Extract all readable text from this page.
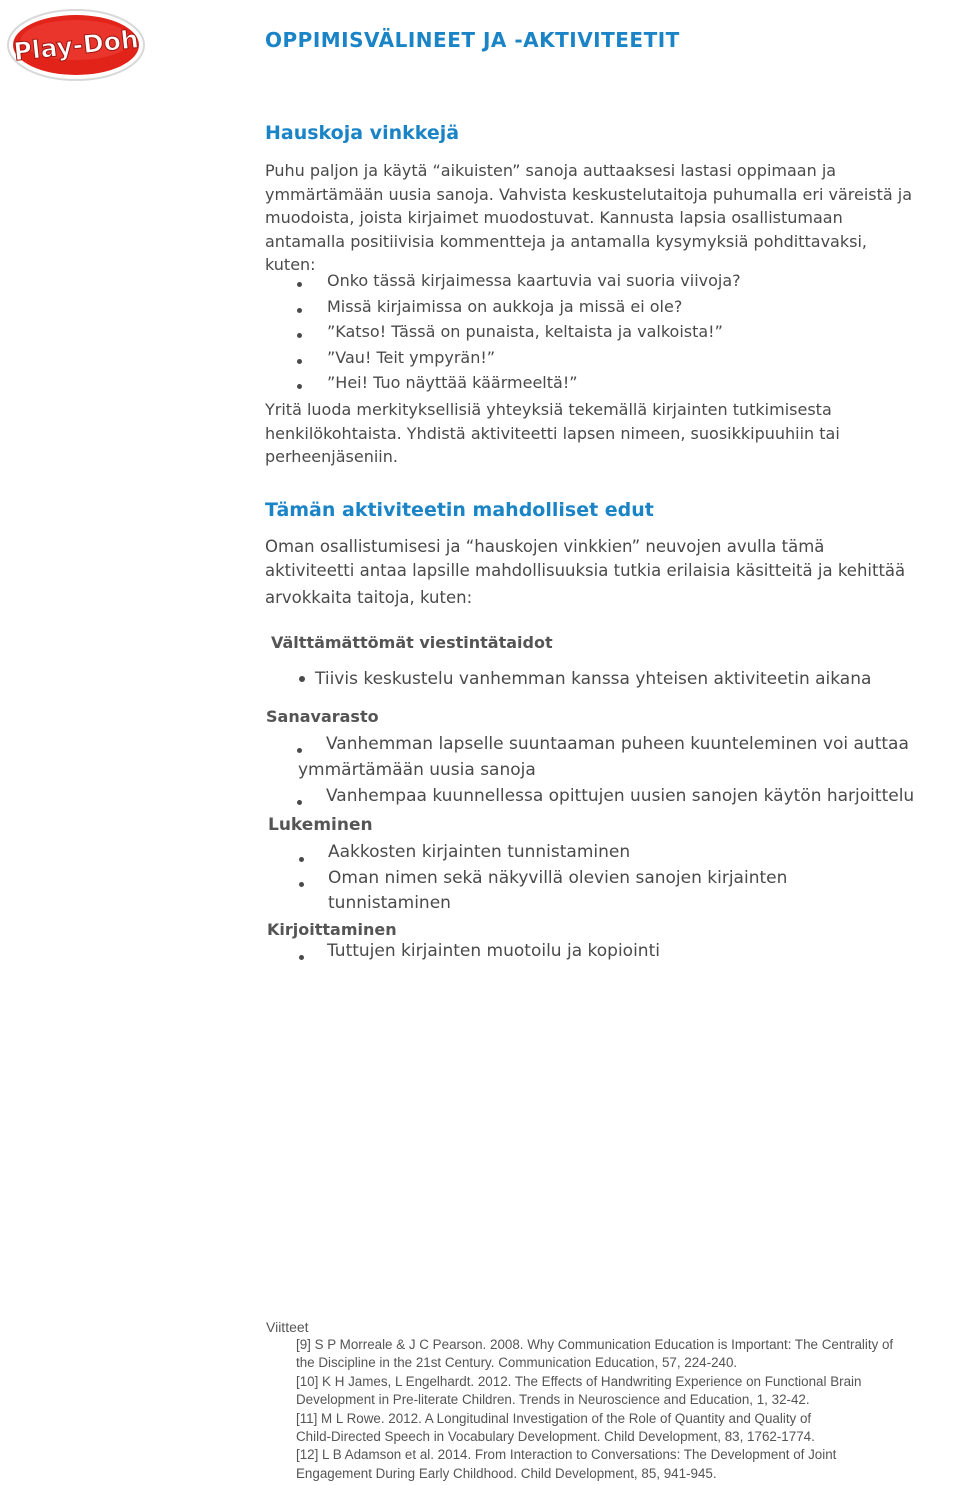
Play-Doh	OPPIMISVÄLINEET JA -AKTIVITEETIT
Hauskoja vinkkejä
Puhu paljon ja käytä “aikuisten” sanoja auttaaksesi lastasi oppimaan ja
ymmärtämään uusia sanoja. Vahvista keskustelutaitoja puhumalla eri väreistä ja
muodoista, joista kirjaimet muodostuvat. Kannusta lapsia osallistumaan
antamalla positiivisia kommentteja ja antamalla kysymyksiä pohdittavaksi,
kuten:
Onko tässä kirjaimessa kaartuvia vai suoria viivoja?
Missä kirjaimissa on aukkoja ja missä ei ole?
”Katso! Tässä on punaista, keltaista ja valkoista!”
”Vau! Teit ympyrän!”
”Hei! Tuo näyttää käärmeeltä!”
Yritä luoda merkityksellisiä yhteyksiä tekemällä kirjainten tutkimisesta
henkilökohtaista. Yhdistä aktiviteetti lapsen nimeen, suosikkipuuhiin tai
perheenjäseniin.
Tämän aktiviteetin mahdolliset edut
Oman osallistumisesi ja “hauskojen vinkkien” neuvojen avulla tämä
aktiviteetti antaa lapsille mahdollisuuksia tutkia erilaisia käsitteitä ja kehittää
arvokkaita taitoja, kuten:
Välttämättömät viestintätaidot
Tiivis keskustelu vanhemman kanssa yhteisen aktiviteetin aikana
Sanavarasto
Vanhemman lapselle suuntaaman puheen kuunteleminen voi auttaa
ymmärtämään uusia sanoja
Vanhempaa kuunnellessa opittujen uusien sanojen käytön harjoittelu
Lukeminen
Aakkosten kirjainten tunnistaminen
Oman nimen sekä näkyvillä olevien sanojen kirjainten
tunnistaminen
Kirjoittaminen
Tuttujen kirjainten muotoilu ja kopiointi
Viitteet
[9] S P Morreale & J C Pearson. 2008. Why Communication Education is Important: The Centrality of
the Discipline in the 21st Century. Communication Education, 57, 224-240.
[10] K H James, L Engelhardt. 2012. The Effects of Handwriting Experience on Functional Brain
Development in Pre-literate Children. Trends in Neuroscience and Education, 1, 32-42.
[11] M L Rowe. 2012. A Longitudinal Investigation of the Role of Quantity and Quality of
Child-Directed Speech in Vocabulary Development. Child Development, 83, 1762-1774.
[12] L B Adamson et al. 2014. From Interaction to Conversations: The Development of Joint
Engagement During Early Childhood. Child Development, 85, 941-945.
